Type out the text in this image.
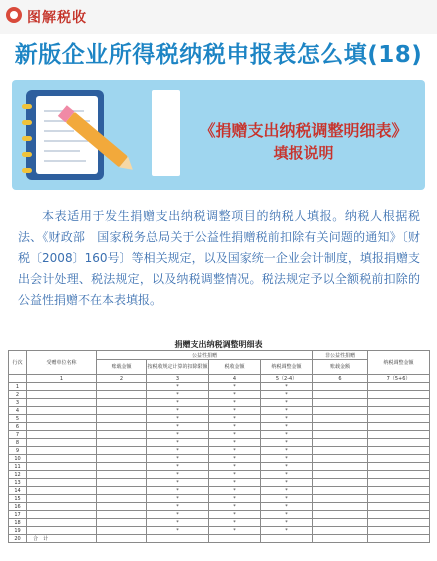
图解税收
新版企业所得税纳税申报表怎么填(18)
《捐赠支出纳税调整明细表》
填报说明
本表适用于发生捐赠支出纳税调整项目的纳税人填报。纳税人根据税法、《财政部　国家税务总局关于公益性捐赠税前扣除有关问题的通知》〔财税〔2008〕160号〕等相关规定，以及国家统一企业会计制度，填报捐赠支出会计处理、税法规定，以及纳税调整情况。税法规定予以全额税前扣除的公益性捐赠不在本表填报。
捐赠支出纳税调整明细表
行次	受赠单位名称	公益性捐赠				非公益性捐赠	纳税调整金额
		账载金额	按税收规定计算的扣除限额	税收金额	纳税调整金额	账载金额	
	1	2	3	4	5（2-4）	6	7（5+6）
1			*	*	*		
2			*	*	*		
3			*	*	*		
4			*	*	*		
5			*	*	*		
6			*	*	*		
7			*	*	*		
8			*	*	*		
9			*	*	*		
10			*	*	*		
11			*	*	*		
12			*	*	*		
13			*	*	*		
14			*	*	*		
15			*	*	*		
16			*	*	*		
17			*	*	*		
18			*	*	*		
19			*	*	*		
20	合　计						
